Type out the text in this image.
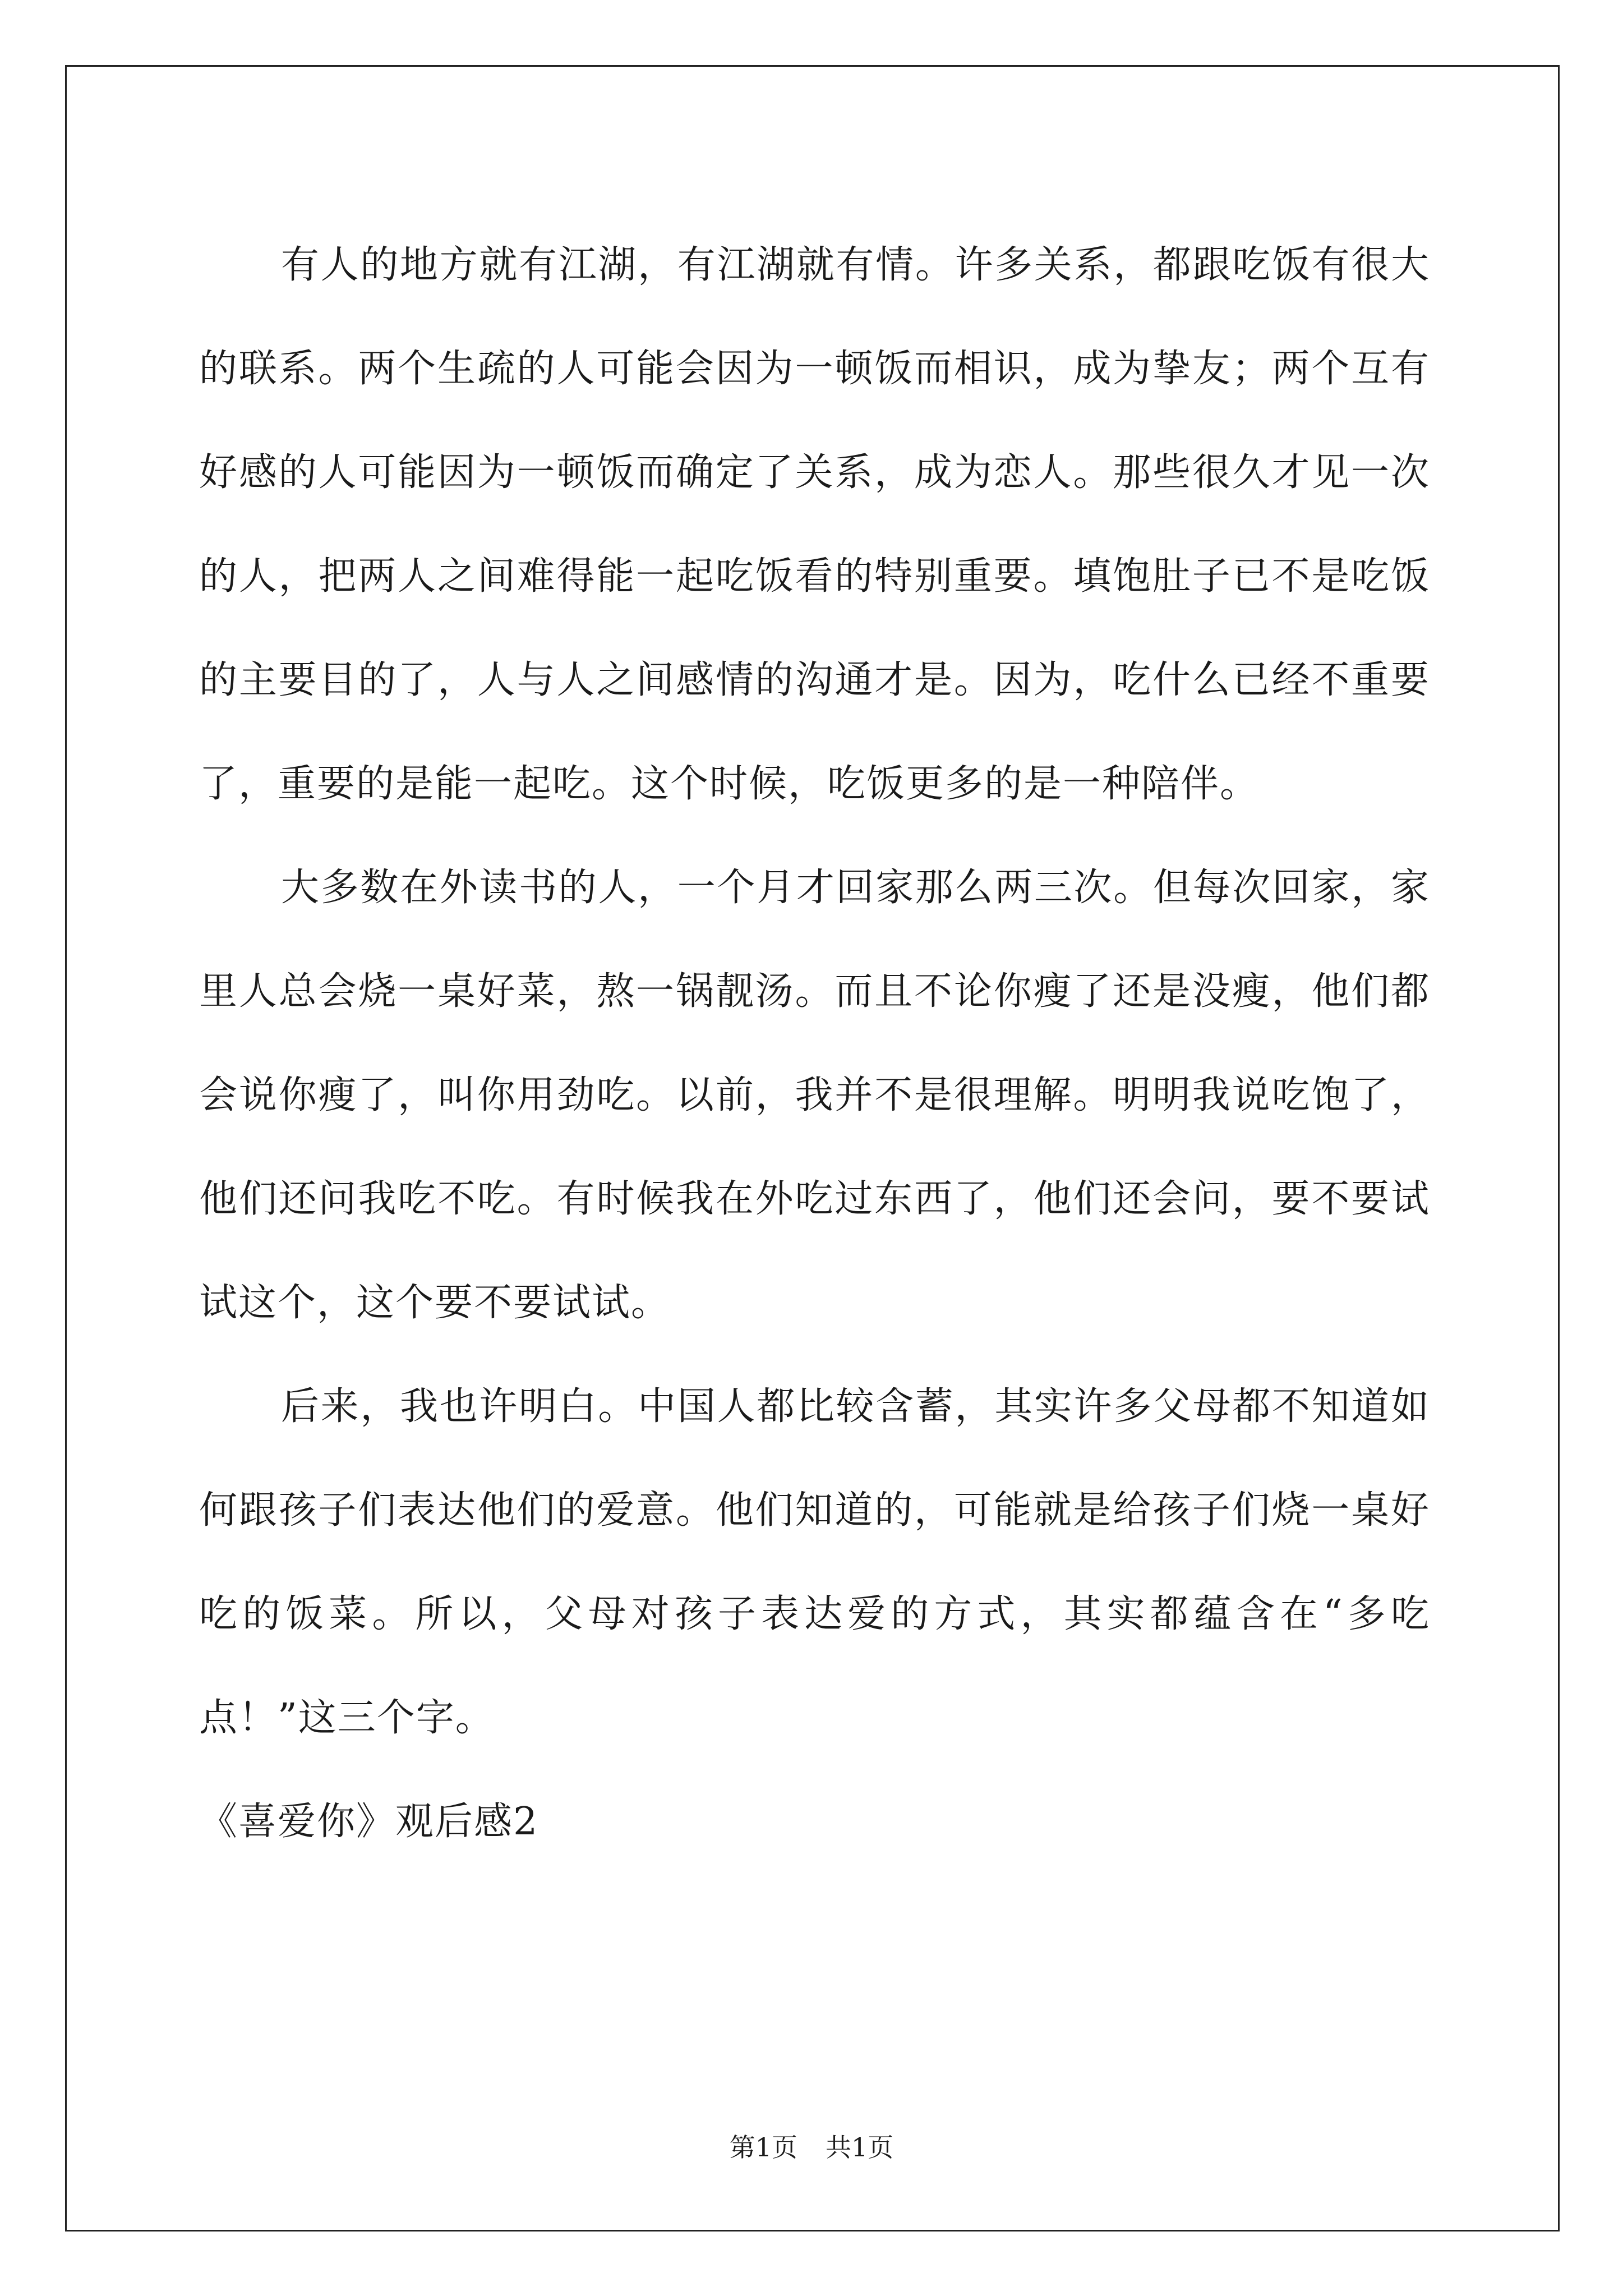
有人的地方就有江湖，有江湖就有情。许多关系，都跟吃饭有很大的联系。两个生疏的人可能会因为一顿饭而相识，成为挚友；两个互有好感的人可能因为一顿饭而确定了关系，成为恋人。那些很久才见一次的人，把两人之间难得能一起吃饭看的特别重要。填饱肚子已不是吃饭的主要目的了，人与人之间感情的沟通才是。因为，吃什么已经不重要了，重要的是能一起吃。这个时候，吃饭更多的是一种陪伴。

大多数在外读书的人，一个月才回家那么两三次。但每次回家，家里人总会烧一桌好菜，熬一锅靓汤。而且不论你瘦了还是没瘦，他们都会说你瘦了，叫你用劲吃。以前，我并不是很理解。明明我说吃饱了，他们还问我吃不吃。有时候我在外吃过东西了，他们还会问，要不要试试这个，这个要不要试试。

后来，我也许明白。中国人都比较含蓄，其实许多父母都不知道如何跟孩子们表达他们的爱意。他们知道的，可能就是给孩子们烧一桌好吃的饭菜。所以，父母对孩子表达爱的方式，其实都蕴含在“多吃点！”这三个字。

《喜爱你》观后感2

第1页 共1页
